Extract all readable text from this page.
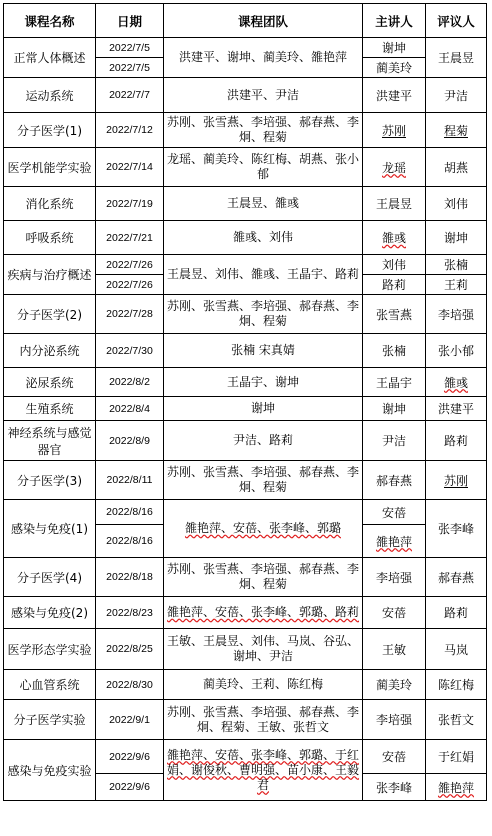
课程名称	日期	课程团队	主讲人	评议人
正常人体概述	2022/7/5	洪建平、谢坤、蔺美玲、雒艳萍	谢坤	王晨昱
	2022/7/5		蔺美玲	
运动系统	2022/7/7	洪建平、尹洁	洪建平	尹洁
分子医学(1)	2022/7/12	苏刚、张雪燕、李培强、郝春燕、李炯、程菊	苏刚	程菊
医学机能学实验	2022/7/14	龙瑶、蔺美玲、陈红梅、胡燕、张小郁	龙瑶	胡燕
消化系统	2022/7/19	王晨昱、雒彧	王晨昱	刘伟
呼吸系统	2022/7/21	雒彧、刘伟	雒彧	谢坤
疾病与治疗概述	2022/7/26	王晨昱、刘伟、雒彧、王晶宇、路莉	刘伟	张楠
	2022/7/26		路莉	王莉
分子医学(2)	2022/7/28	苏刚、张雪燕、李培强、郝春燕、李炯、程菊	张雪燕	李培强
内分泌系统	2022/7/30	张楠 宋真婧	张楠	张小郁
泌尿系统	2022/8/2	王晶宇、谢坤	王晶宇	雒彧
生殖系统	2022/8/4	谢坤	谢坤	洪建平
神经系统与感觉器官	2022/8/9	尹洁、路莉	尹洁	路莉
分子医学(3)	2022/8/11	苏刚、张雪燕、李培强、郝春燕、李炯、程菊	郝春燕	苏刚
感染与免疫(1)	2022/8/16	雒艳萍、安蓓、张李峰、郭璐	安蓓	张李峰
	2022/8/16		雒艳萍	
分子医学(4)	2022/8/18	苏刚、张雪燕、李培强、郝春燕、李炯、程菊	李培强	郝春燕
感染与免疫(2)	2022/8/23	雒艳萍、安蓓、张李峰、郭璐、路莉	安蓓	路莉
医学形态学实验	2022/8/25	王敏、王晨昱、刘伟、马岚、谷弘、谢坤、尹洁	王敏	马岚
心血管系统	2022/8/30	蔺美玲、王莉、陈红梅	蔺美玲	陈红梅
分子医学实验	2022/9/1	苏刚、张雪燕、李培强、郝春燕、李炯、程菊、王敏、张哲文	李培强	张哲文
感染与免疫实验	2022/9/6	雒艳萍、安蓓、张李峰、郭璐、于红娟、谢俊秋、曹明强、苗小康、王毅君	安蓓	于红娟
	2022/9/6		张李峰	雒艳萍
